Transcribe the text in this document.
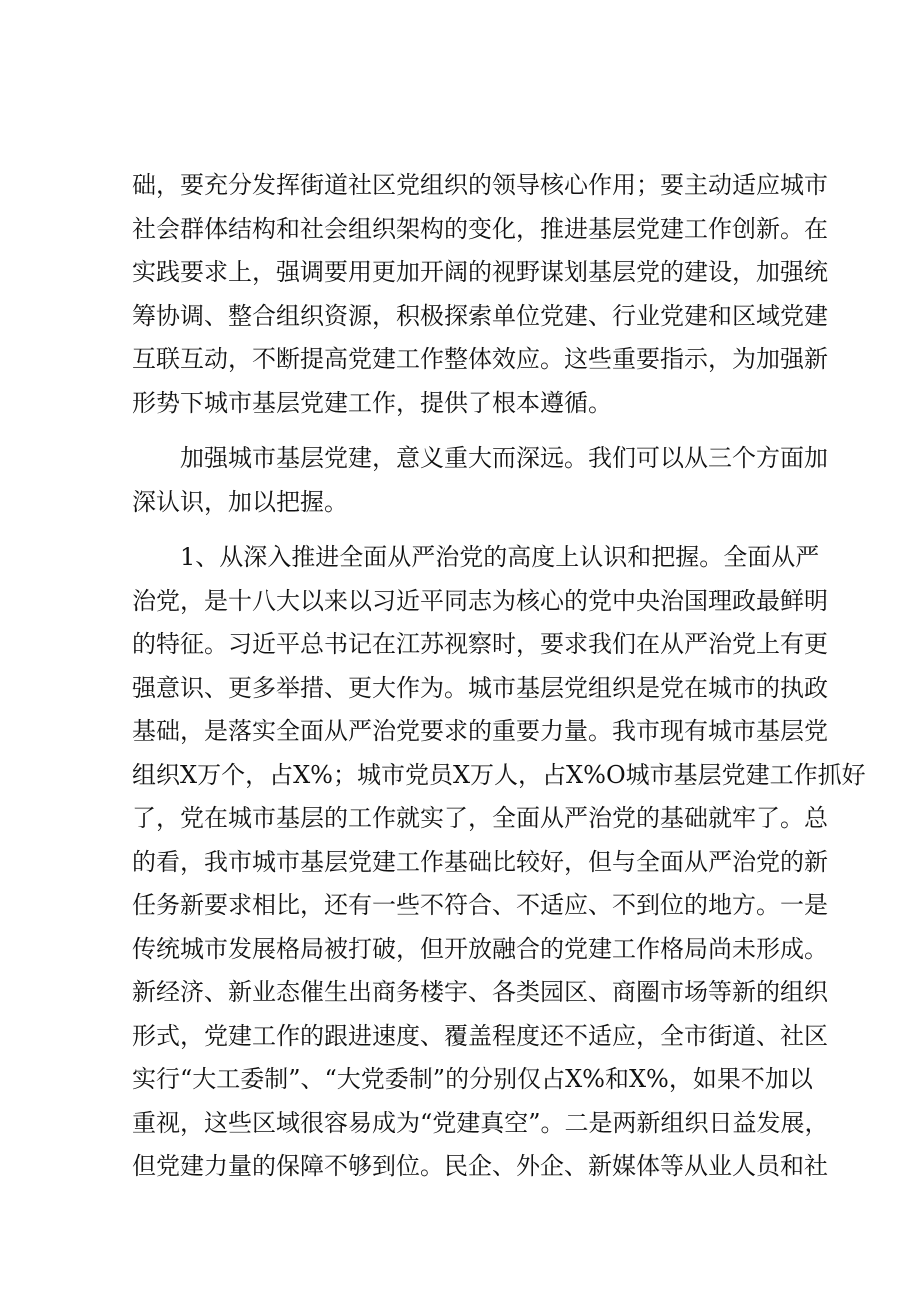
础，要充分发挥街道社区党组织的领导核心作用；要主动适应城市
社会群体结构和社会组织架构的变化，推进基层党建工作创新。在
实践要求上，强调要用更加开阔的视野谋划基层党的建设，加强统
筹协调、整合组织资源，积极探索单位党建、行业党建和区域党建
互联互动，不断提高党建工作整体效应。这些重要指示，为加强新
形势下城市基层党建工作，提供了根本遵循。
　　加强城市基层党建，意义重大而深远。我们可以从三个方面加
深认识，加以把握。
　　1、从深入推进全面从严治党的高度上认识和把握。全面从严
治党，是十八大以来以习近平同志为核心的党中央治国理政最鲜明
的特征。习近平总书记在江苏视察时，要求我们在从严治党上有更
强意识、更多举措、更大作为。城市基层党组织是党在城市的执政
基础，是落实全面从严治党要求的重要力量。我市现有城市基层党
组织X万个，占X%；城市党员X万人，占X%O城市基层党建工作抓好
了，党在城市基层的工作就实了，全面从严治党的基础就牢了。总
的看，我市城市基层党建工作基础比较好，但与全面从严治党的新
任务新要求相比，还有一些不符合、不适应、不到位的地方。一是
传统城市发展格局被打破，但开放融合的党建工作格局尚未形成。
新经济、新业态催生出商务楼宇、各类园区、商圈市场等新的组织
形式，党建工作的跟进速度、覆盖程度还不适应，全市街道、社区
实行“大工委制”、“大党委制”的分别仅占X%和X%，如果不加以
重视，这些区域很容易成为“党建真空”。二是两新组织日益发展，
但党建力量的保障不够到位。民企、外企、新媒体等从业人员和社
